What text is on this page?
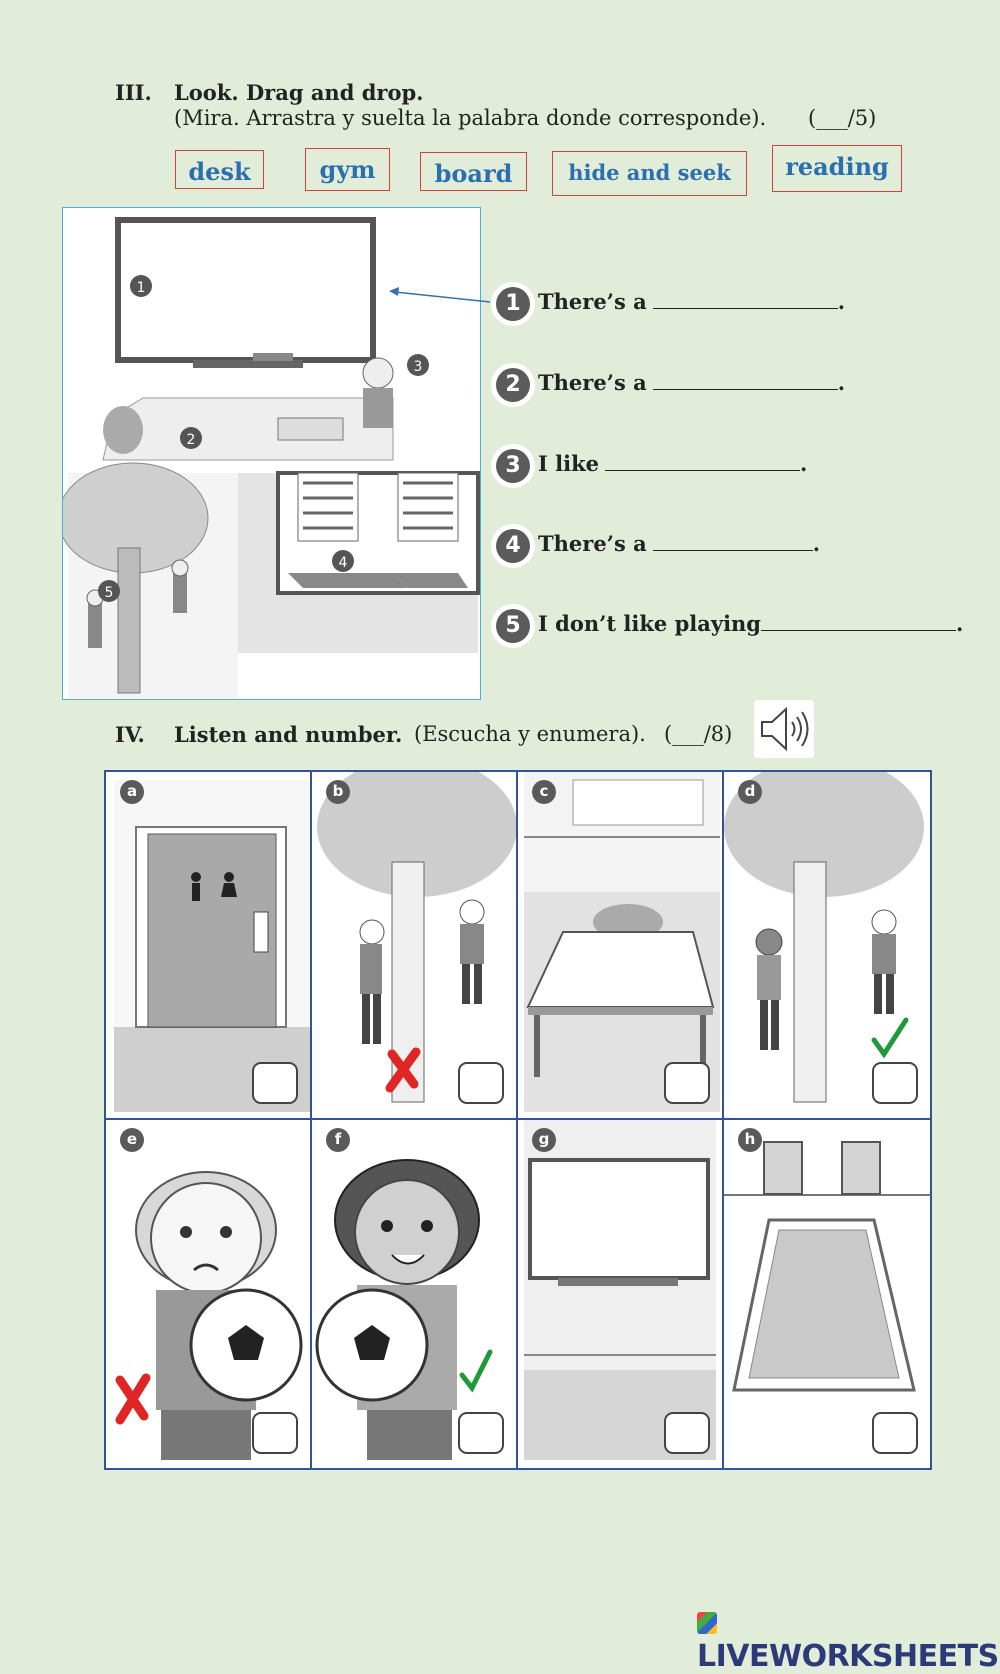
III. Look. Drag and drop.
(Mira. Arrastra y suelta la palabra donde corresponde). (___/5)
desk	gym	board	hide and seek	reading
1
2
3
5
4
1 There’s a	.
2 There’s a	.
3 I like	.
4 There’s a	.
5 I don’t like playing	.
IV. Listen and number. (Escucha y enumera). (___/8)
a	b	c	d
e	f	g	h
LIVEWORKSHEETS
